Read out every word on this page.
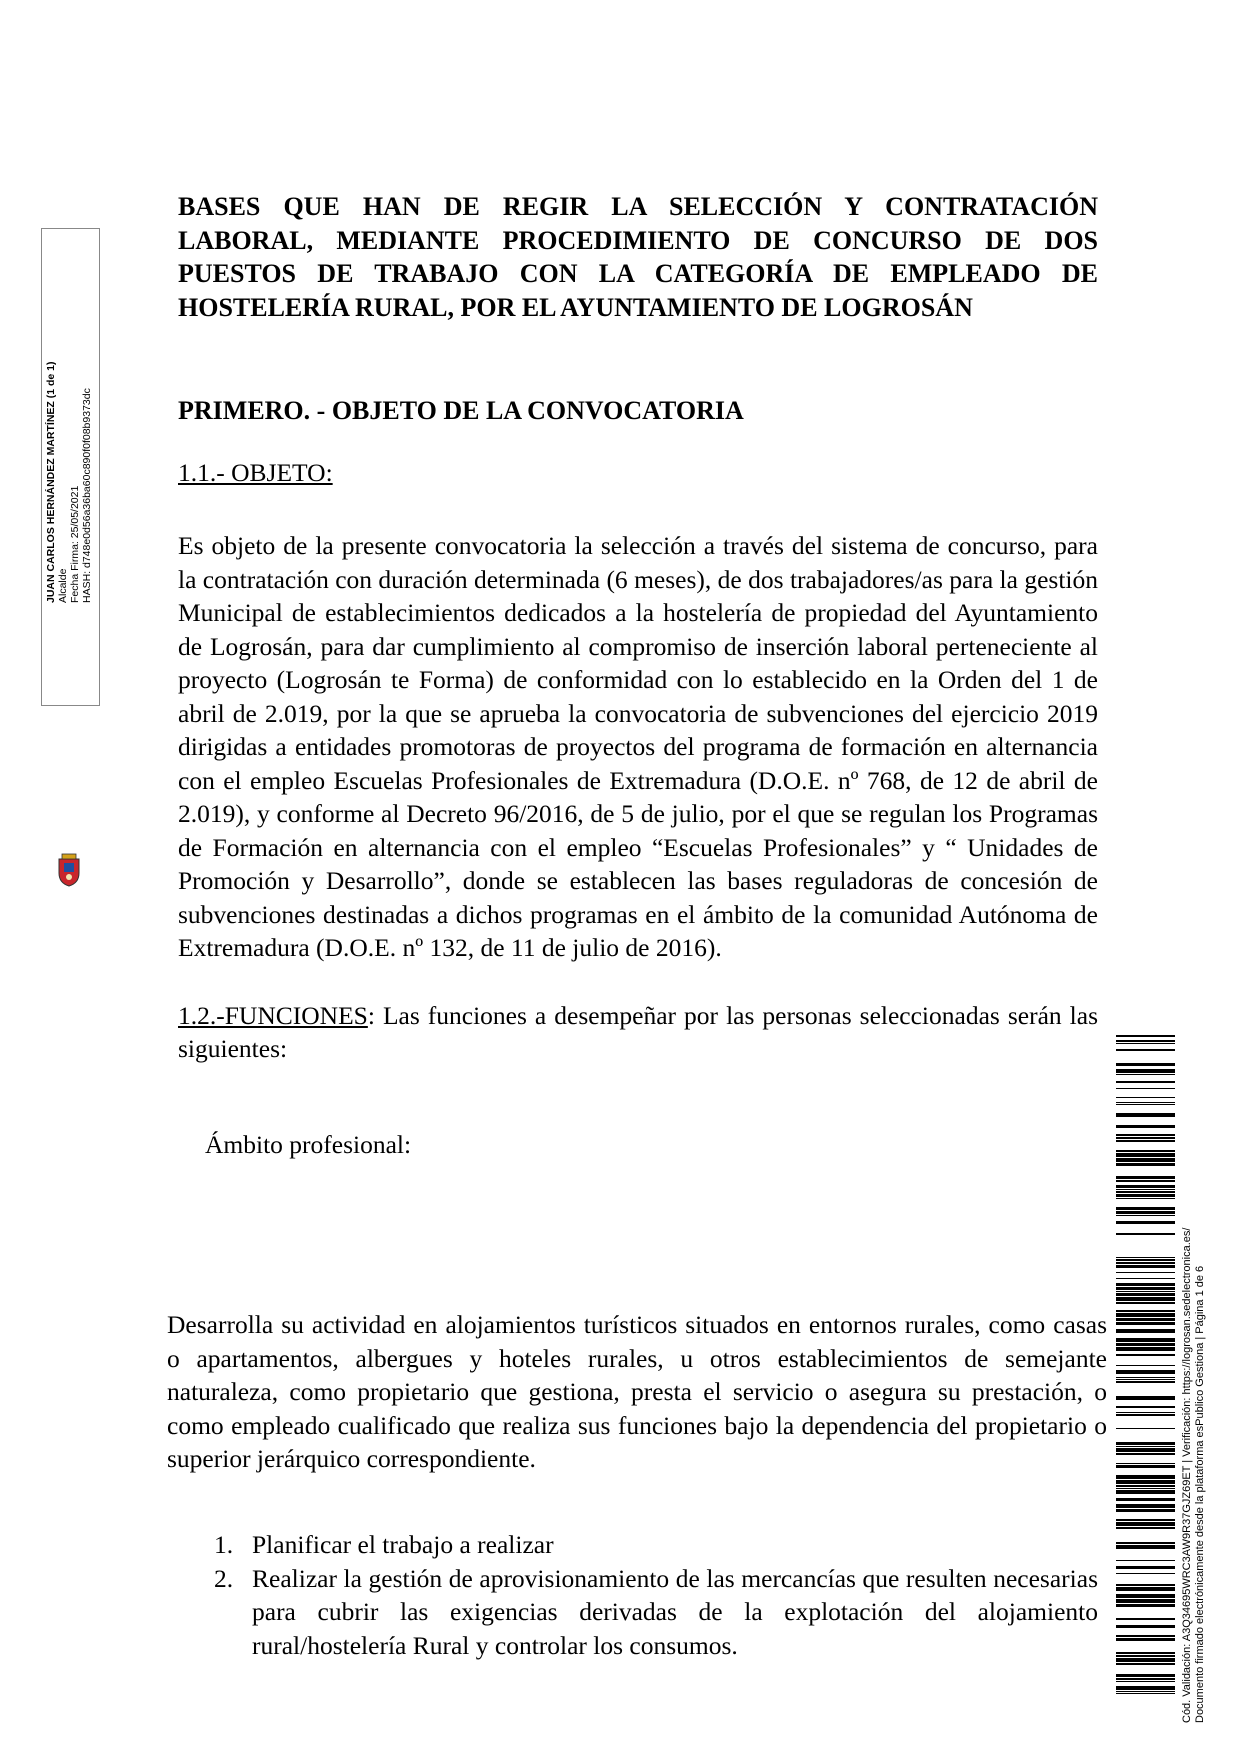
JUAN CARLOS HERNÁNDEZ MARTÍNEZ (1 de 1) Alcalde Fecha Firma: 25/05/2021 HASH: d748e0d56a36ba60c890f0f08b9373dc

BASES QUE HAN DE REGIR LA SELECCIÓN Y CONTRATACIÓN LABORAL, MEDIANTE PROCEDIMIENTO DE CONCURSO DE DOS PUESTOS DE TRABAJO CON LA CATEGORÍA DE EMPLEADO DE HOSTELERÍA RURAL, POR EL AYUNTAMIENTO DE LOGROSÁN

PRIMERO. - OBJETO DE LA CONVOCATORIA

1.1.- OBJETO:

Es objeto de la presente convocatoria la selección a través del sistema de concurso, para la contratación con duración determinada (6 meses), de dos trabajadores/as para la gestión Municipal de establecimientos dedicados a la hostelería de propiedad del Ayuntamiento de Logrosán, para dar cumplimiento al compromiso de inserción laboral perteneciente al proyecto (Logrosán te Forma) de conformidad con lo establecido en la Orden del 1 de abril de 2.019, por la que se aprueba la convocatoria de subvenciones del ejercicio 2019 dirigidas a entidades promotoras de proyectos del programa de formación en alternancia con el empleo Escuelas Profesionales de Extremadura (D.O.E. nº 768, de 12 de abril de 2.019), y conforme al Decreto 96/2016, de 5 de julio, por el que se regulan los Programas de Formación en alternancia con el empleo “Escuelas Profesionales” y “ Unidades de Promoción y Desarrollo”, donde se establecen las bases reguladoras de concesión de subvenciones destinadas a dichos programas en el ámbito de la comunidad Autónoma de Extremadura (D.O.E. nº 132, de 11 de julio de 2016).

1.2.-FUNCIONES: Las funciones a desempeñar por las personas seleccionadas serán las siguientes:

Ámbito profesional:

Desarrolla su actividad en alojamientos turísticos situados en entornos rurales, como casas o apartamentos, albergues y hoteles rurales, u otros establecimientos de semejante naturaleza, como propietario que gestiona, presta el servicio o asegura su prestación, o como empleado cualificado que realiza sus funciones bajo la dependencia del propietario o superior jerárquico correspondiente.

1. Planificar el trabajo a realizar
2. Realizar la gestión de aprovisionamiento de las mercancías que resulten necesarias para cubrir las exigencias derivadas de la explotación del alojamiento rural/hostelería Rural y controlar los consumos.	Cód. Validación: A3Q34695WRC3AW9R37GJZ69ET | Verificación: https://logrosan.sedelectronica.es/ Documento firmado electrónicamente desde la plataforma esPublico Gestiona | Página 1 de 6
